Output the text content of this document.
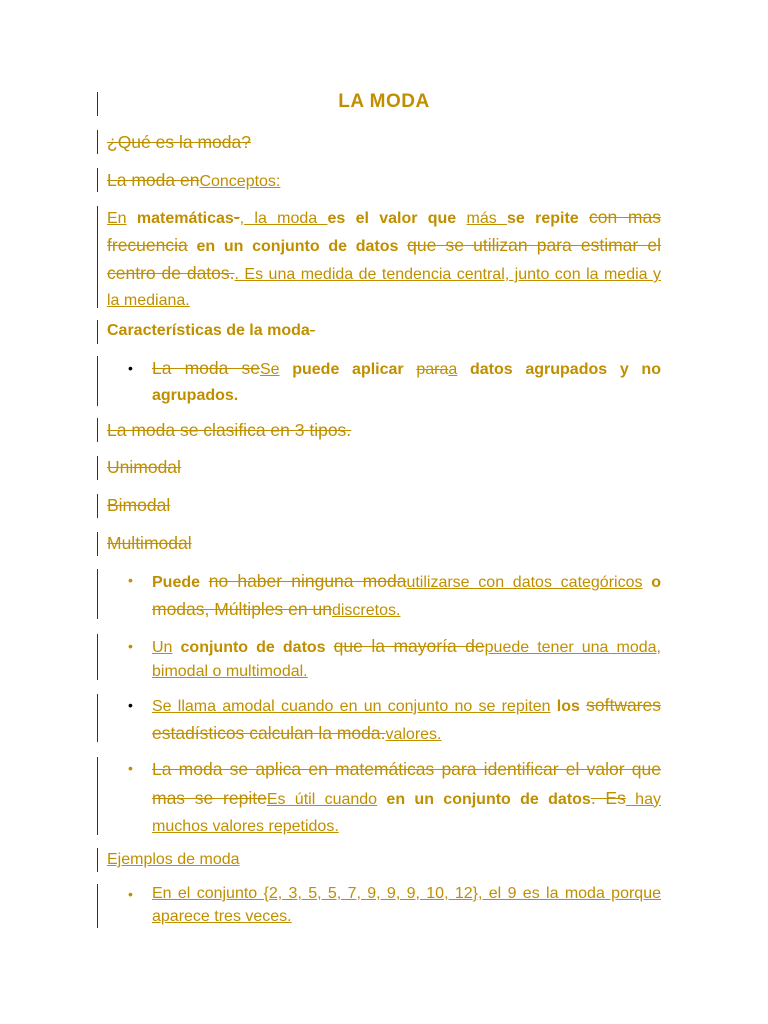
LA MODA
¿Qué es la moda?
La moda enConceptos:
En matemáticas-, la moda es el valor que más se repite con mas frecuencia en un conjunto de datos que se utilizan para estimar el centro de datos.. Es una medida de tendencia central, junto con la media y la mediana.
Características de la moda-
• La moda seSe puede aplicar paraa datos agrupados y no agrupados.
La moda se clasifica en 3 tipos.
Unimodal
Bimodal
Multimodal
• Puede no haber ninguna modautilizarse con datos categóricos o modas, Múltiples en undiscretos.
• Un conjunto de datos que la mayoría depuede tener una moda, bimodal o multimodal.
• Se llama amodal cuando en un conjunto no se repiten los softwares estadísticos calculan la moda.valores.
• La moda se aplica en matemáticas para identificar el valor que mas se repiteEs útil cuando en un conjunto de datos. Es hay muchos valores repetidos.
Ejemplos de moda
• En el conjunto {2, 3, 5, 5, 7, 9, 9, 9, 10, 12}, el 9 es la moda porque aparece tres veces.
